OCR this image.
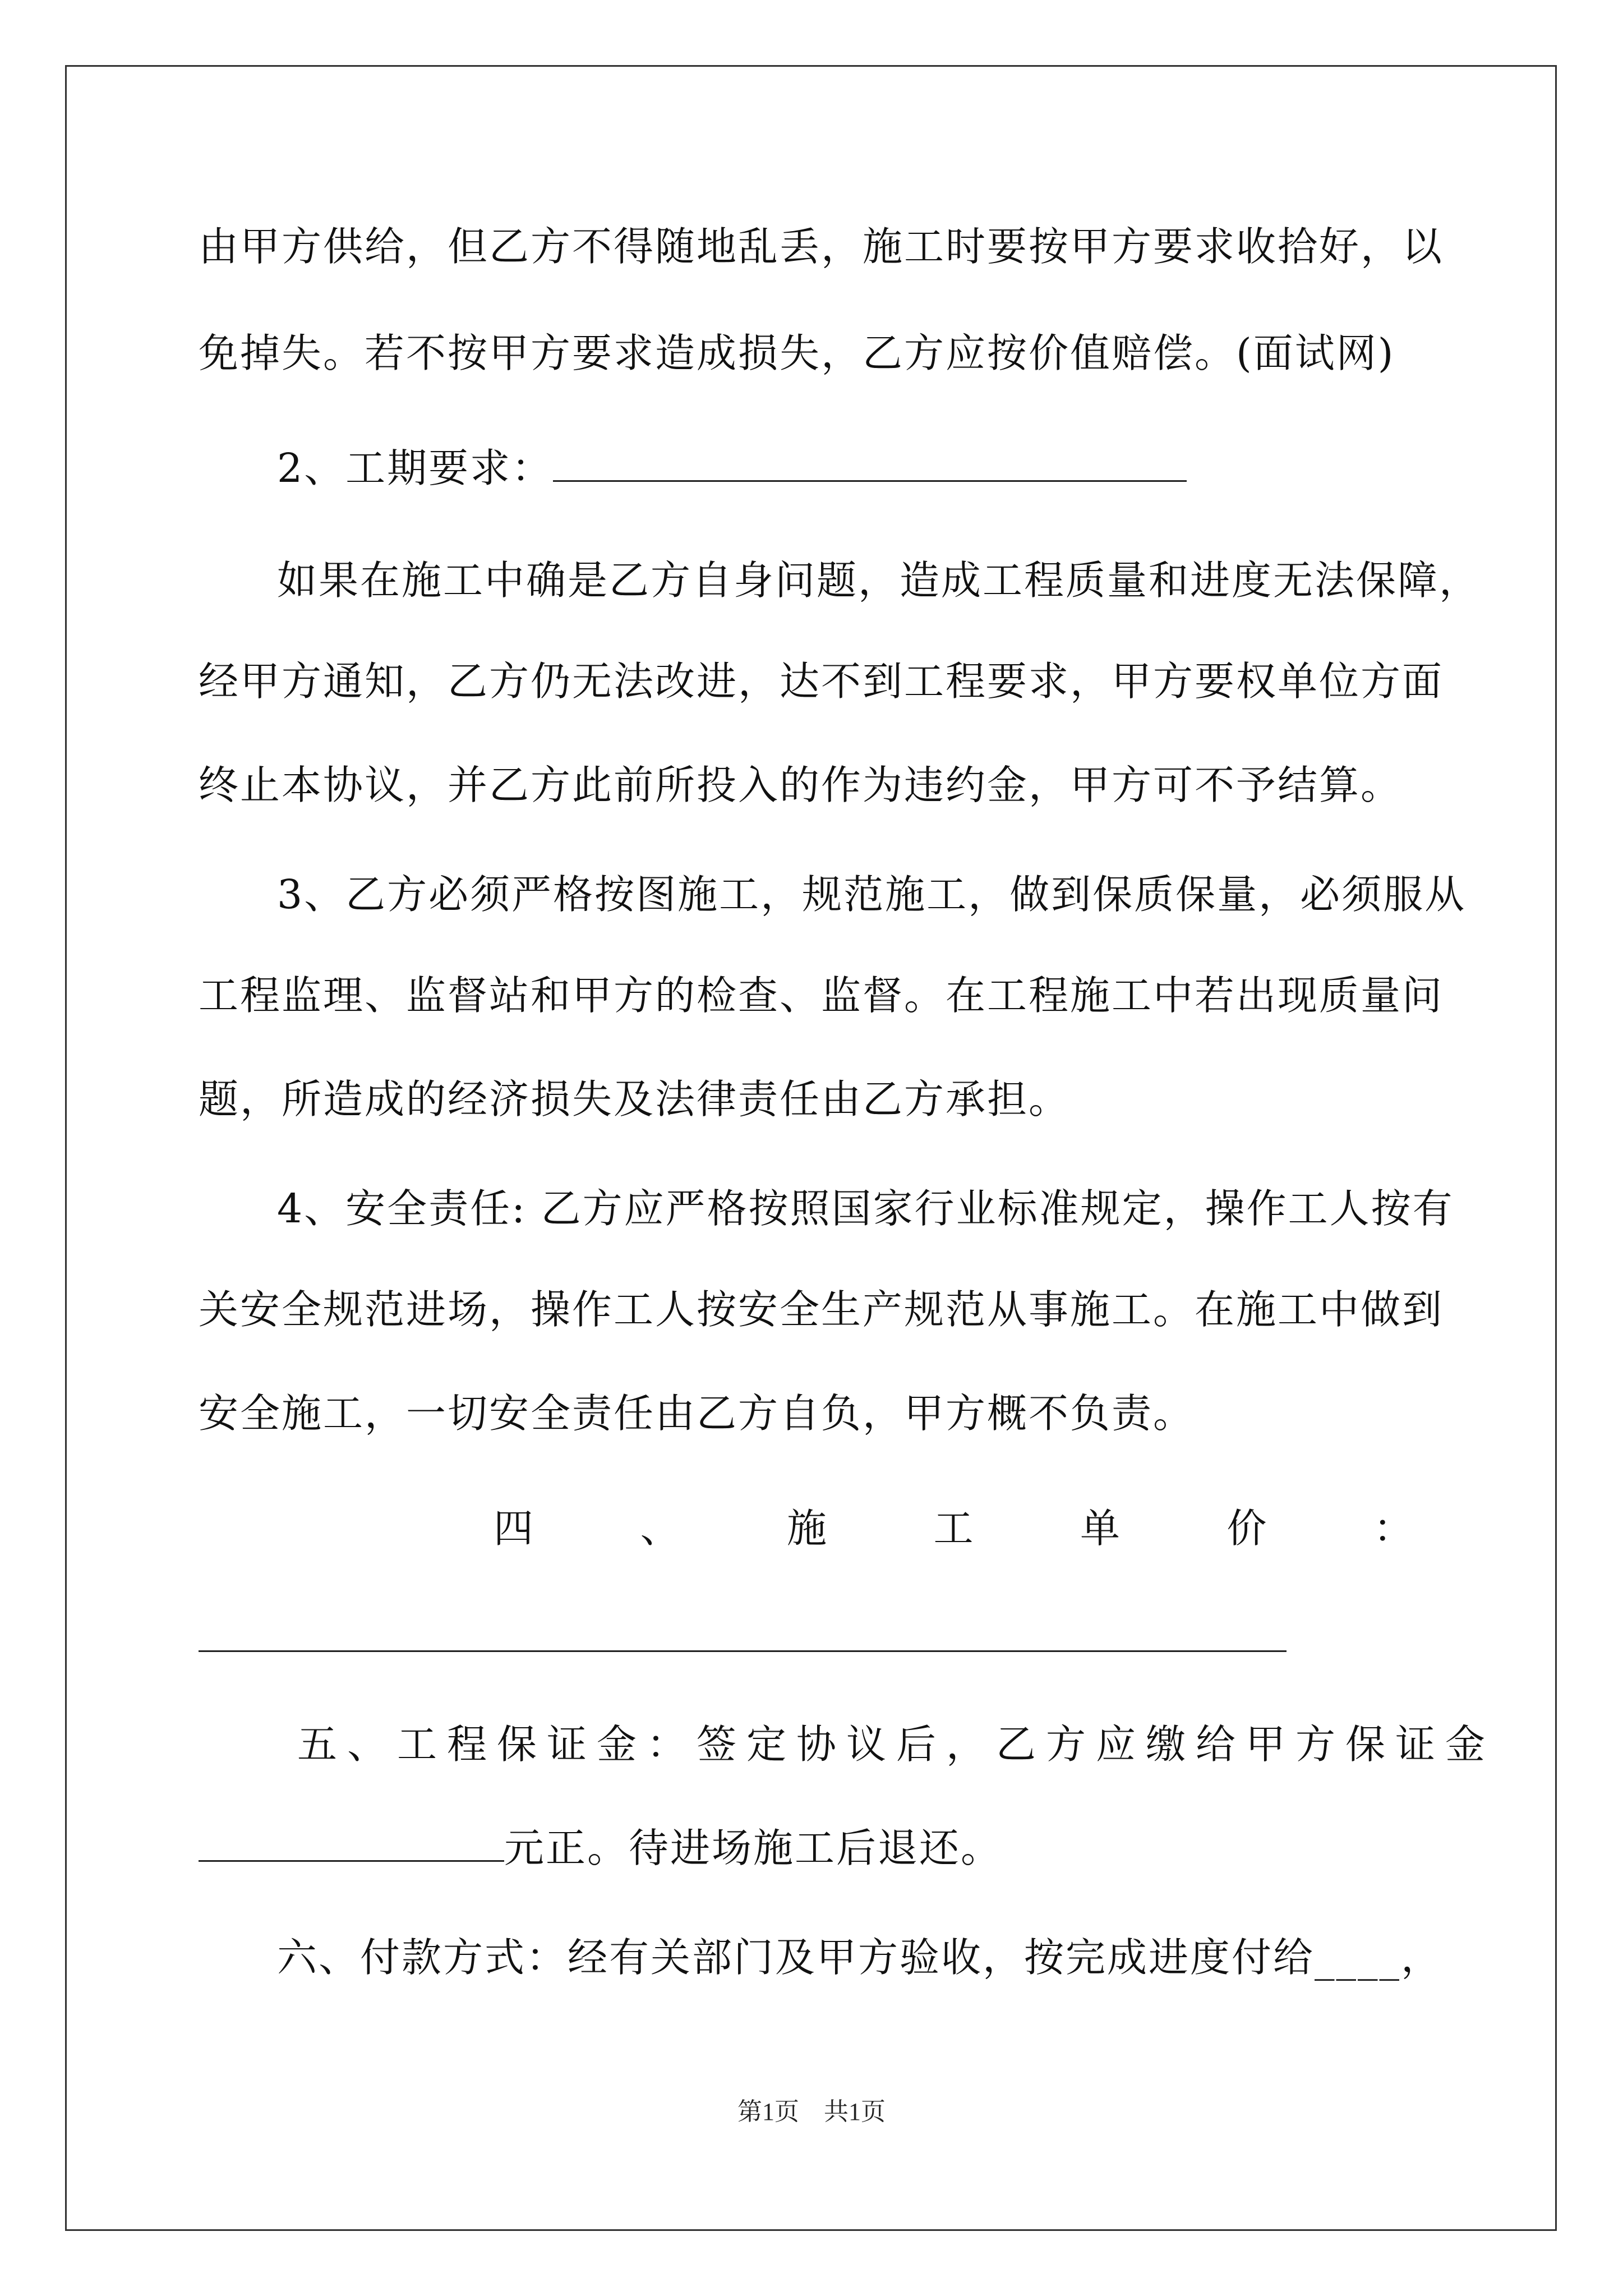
由甲方供给，但乙方不得随地乱丢，施工时要按甲方要求收拾好，以
免掉失。若不按甲方要求造成损失，乙方应按价值赔偿。(面试网)
2、工期要求：
如果在施工中确是乙方自身问题，造成工程质量和进度无法保障，
经甲方通知，乙方仍无法改进，达不到工程要求，甲方要权单位方面
终止本协议，并乙方此前所投入的作为违约金，甲方可不予结算。
3、乙方必须严格按图施工，规范施工，做到保质保量，必须服从
工程监理、监督站和甲方的检查、监督。在工程施工中若出现质量问
题，所造成的经济损失及法律责任由乙方承担。
4、安全责任: 乙方应严格按照国家行业标准规定，操作工人按有
关安全规范进场，操作工人按安全生产规范从事施工。在施工中做到
安全施工，一切安全责任由乙方自负，甲方概不负责。
四	、	施	工	单	价	：
五、工程保证金：签定协议后，乙方应缴给甲方保证金
元正。待进场施工后退还。
六、付款方式：经有关部门及甲方验收，按完成进度付给____，
第1页　共1页
